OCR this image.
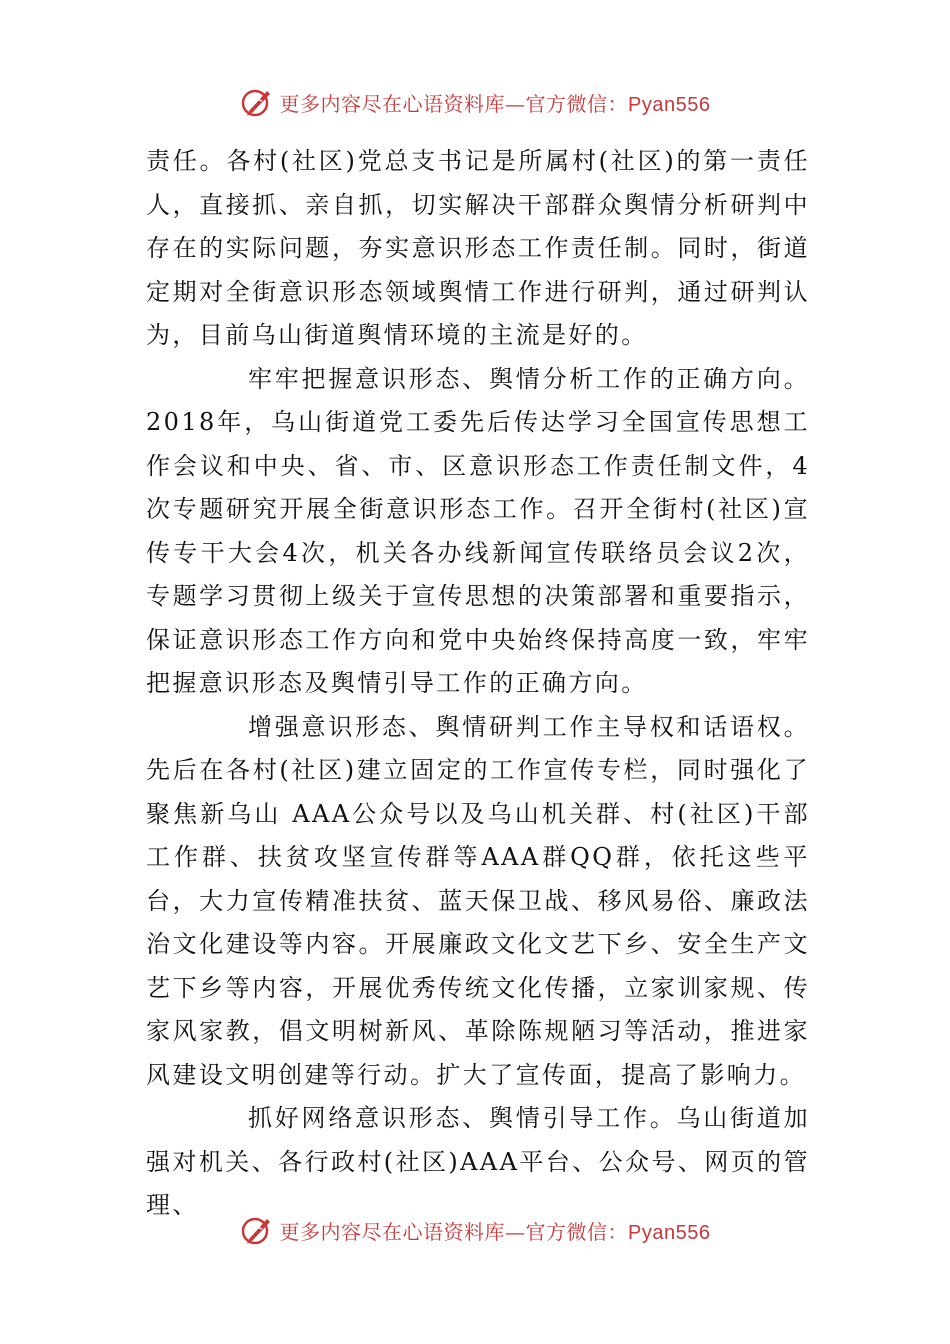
更多内容尽在心语资料库—官方微信：Pyan556

责任。各村(社区)党总支书记是所属村(社区)的第一责任人，直接抓、亲自抓，切实解决干部群众舆情分析研判中存在的实际问题，夯实意识形态工作责任制。同时，街道定期对全街意识形态领域舆情工作进行研判，通过研判认为，目前乌山街道舆情环境的主流是好的。

牢牢把握意识形态、舆情分析工作的正确方向。2018年，乌山街道党工委先后传达学习全国宣传思想工作会议和中央、省、市、区意识形态工作责任制文件，4次专题研究开展全街意识形态工作。召开全街村(社区)宣传专干大会4次，机关各办线新闻宣传联络员会议2次，专题学习贯彻上级关于宣传思想的决策部署和重要指示，保证意识形态工作方向和党中央始终保持高度一致，牢牢把握意识形态及舆情引导工作的正确方向。

增强意识形态、舆情研判工作主导权和话语权。先后在各村(社区)建立固定的工作宣传专栏，同时强化了聚焦新乌山 AAA公众号以及乌山机关群、村(社区)干部工作群、扶贫攻坚宣传群等AAA群QQ群，依托这些平台，大力宣传精准扶贫、蓝天保卫战、移风易俗、廉政法治文化建设等内容。开展廉政文化文艺下乡、安全生产文艺下乡等内容，开展优秀传统文化传播，立家训家规、传家风家教，倡文明树新风、革除陈规陋习等活动，推进家风建设文明创建等行动。扩大了宣传面，提高了影响力。

抓好网络意识形态、舆情引导工作。乌山街道加强对机关、各行政村(社区)AAA平台、公众号、网页的管理、

更多内容尽在心语资料库—官方微信：Pyan556
